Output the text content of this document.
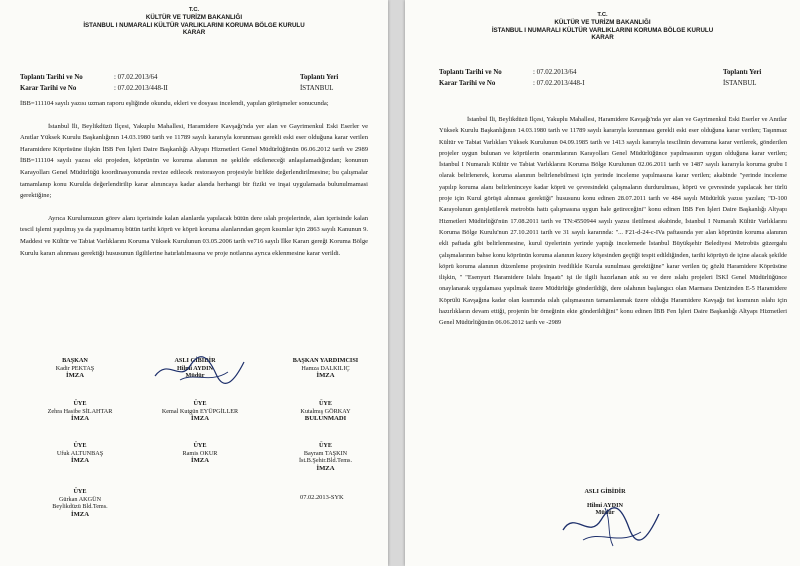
T.C.
KÜLTÜR VE TURİZM BAKANLIĞI
İSTANBUL I NUMARALI KÜLTÜR VARLIKLARINI KORUMA BÖLGE KURULU
KARAR
Toplantı Tarihi ve No	: 07.02.2013/64
Karar Tarihi ve No	: 07.02.2013/448-II
Toplantı Yeri
İSTANBUL

İBB=111104 sayılı yazısı uzman raporu eşliğinde okundu, ekleri ve dosyası incelendi, yapılan görüşmeler sonucunda;

İstanbul İli, Beylikdüzü İlçesi, Yakuplu Mahallesi, Haramidere Kavşağı'nda yer alan ve Gayrimenkul Eski Eserler ve Anıtlar Yüksek Kurulu Başkanlığının 14.03.1980 tarih ve 11789 sayılı kararıyla korunması gerekli eski eser olduğuna karar verilen Haramidere Köprüsüne ilişkin İBB Fen İşleri Daire Başkanlığı Altyapı Hizmetleri Genel Müdürlüğünün 06.06.2012 tarih ve 2989 İBB=111104 sayılı yazısı eki projeden, köprünün ve koruma alanının ne şekilde etkileneceği anlaşılamadığından; konunun Karayolları Genel Müdürlüğü koordinasyonunda revize edilecek restorasyon projesiyle birlikte değerlendirilmesine; bu çalışmalar tamamlanıp konu Kurulda değerlendirilip karar alınıncaya kadar alanda herhangi bir fiziki ve inşai uygulamada bulunulmamasi gerektiğine;

Ayrıca Kurulumuzun görev alanı içerisinde kalan alanlarda yapılacak bütün dere ıslah projelerinde, alan içerisinde kalan tescil işlemi yapılmış ya da yapılmamış bütün tarihi köprü ve köprü koruma alanlarından geçen kısımlar için 2863 sayılı Kanunun 9. Maddesi ve Kültür ve Tabiat Varlıklarını Koruma Yüksek Kurulunun 03.05.2006 tarih ve716 sayılı İlke Kararı gereği Koruma Bölge Kurulu kararı alınması gerektiği hususunun ilgililerine hatırlatılmasına ve proje notlarına ayrıca eklenmesine karar verildi.

BAŞKAN
Kadir PEKTAŞ
İMZA
ASLI GİBİDİR
Hilmi AYDIN
Müdür
BAŞKAN YARDIMCISI
Hamza DALKILIÇ
İMZA
ÜYE
Zehra Hasibe SİLAHTAR
İMZA
ÜYE
Kemal Kutgün EYÜPGİLLER
İMZA
ÜYE
Kutalmış GÖRKAY
BULUNMADI
ÜYE
Ufuk ALTUNBAŞ
İMZA
ÜYE
Ramis OKUR
İMZA
ÜYE
Bayram TAŞKIN
İst.B.Şehir.Bld.Tems.
İMZA
ÜYE
Gürkan AKGÜN
Beylikdüzü Bld.Tems.
İMZA
07.02.2013-SYK
T.C.
KÜLTÜR VE TURİZM BAKANLIĞI
İSTANBUL I NUMARALI KÜLTÜR VARLIKLARINI KORUMA BÖLGE KURULU
KARAR
Toplantı Tarihi ve No	: 07.02.2013/64
Karar Tarihi ve No	: 07.02.2013/448-I
Toplantı Yeri
İSTANBUL

İstanbul İli, Beylikdüzü İlçesi, Yakuplu Mahallesi, Haramidere Kavşağı'nda yer alan ve Gayrimenkul Eski Eserler ve Anıtlar Yüksek Kurulu Başkanlığının 14.03.1980 tarih ve 11789 sayılı kararıyla korunması gerekli eski eser olduğuna karar verilen; Taşınmaz Kültür ve Tabiat Varlıkları Yüksek Kurulunun 04.09.1985 tarih ve 1413 sayılı kararıyla tescilinin devamına karar verilerek, gönderilen projeler uygun bulunan ve köprülerin onarımlarının Karayolları Genel Müdürlüğünce yapılmasının uygun olduğuna karar verilen; İstanbul I Numaralı Kültür ve Tabiat Varlıklarını Koruma Bölge Kurulunun 02.06.2011 tarih ve 1487 sayılı kararıyla koruma grubu I olarak belirlenerek, koruma alanının belirlenebilmesi için yerinde inceleme yapılmasına karar verilen; akabinde "yerinde inceleme yapılıp koruma alanı belirleninceye kadar köprü ve çevresindeki çalışmaların durdurulması, köprü ve çevresinde yapılacak her türlü proje için Kurul görüşü alınması gerektiği" hususunu konu edinen 28.07.2011 tarih ve 484 sayılı Müdürlük yazısı yazılan; "D-100 Karayolunun genişletilerek metrobüs hattı çalışmasına uygun hale getireceğini" konu edinen İBB Fen İşleri Daire Başkanlığı Altyapı Hizmetleri Müdürlüğü'nün 17.08.2011 tarih ve TN:4550944 sayılı yazısı iletilmesi akabinde, İstanbul I Numaralı Kültür Varlıklarını Koruma Bölge Kurulu'nun 27.10.2011 tarih ve 31 sayılı kararında: "... F21-d-24-c-IVa paftasında yer alan köprünün koruma alanının ekli paftada gibi belirlenmesine, kurul üyelerinin yerinde yaptığı incelemede İstanbul Büyükşehir Belediyesi Metrobüs güzergahı çalışmalarının bahse konu köprünün koruma alanının kuzey köşesinden geçtiği tespit edildiğinden, tarihi köprüyü de içine alacak şekilde köprü koruma alanının düzenleme projesinin ivedilikle Kurula sunulması gerektiğine" karar verilen üç gözlü Haramidere Köprüsüne ilişkin, " "Esenyurt Haramidere Islahı İnşaatı" işi ile ilgili hazırlanan atık su ve dere ıslahı projeleri İSKİ Genel Müdürlüğünce onaylanarak uygulaması yapılmak üzere Müdürlüğe gönderildiği, dere ıslahının başlangıcı olan Marmara Denizinden E-5 Haramidere Köprülü Kavşağına kadar olan kısmında ıslah çalışmasının tamamlanmak üzere olduğu Haramidere Kavşağı üst kısmının ıslahı için hazırlıkların devam ettiği, projenin bir örneğinin ekte gönderildiğini" konu edinen İBB Fen İşleri Daire Başkanlığı Altyapı Hizmetleri Genel Müdürlüğünün 06.06.2012 tarih ve -2989

ASLI GİBİDİR
Hilmi AYDIN
Müdür
